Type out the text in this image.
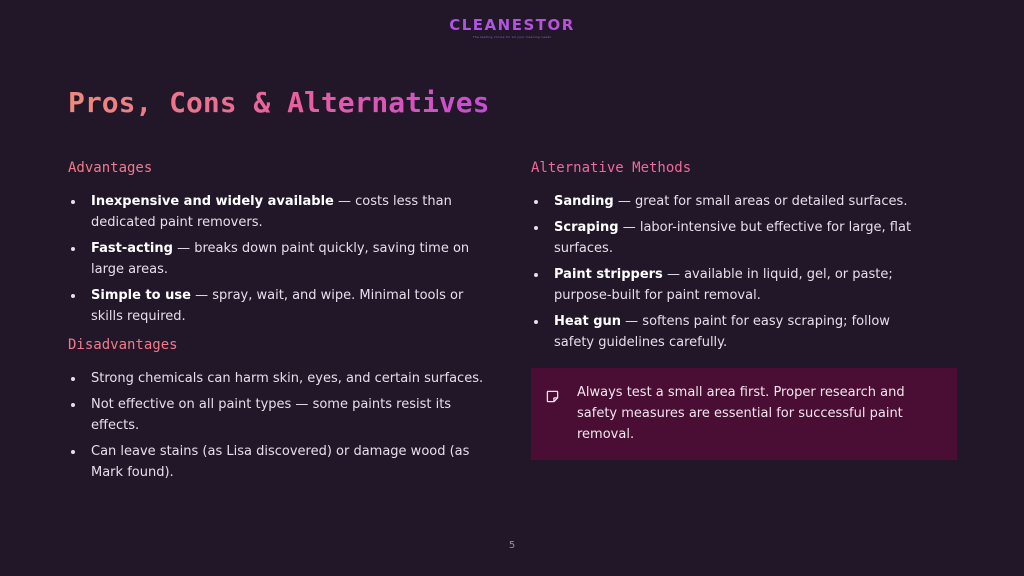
CLEANESTOR
The leading choice for all your cleaning needs
Pros, Cons & Alternatives
Advantages
Inexpensive and widely available — costs less than dedicated paint removers.
Fast-acting — breaks down paint quickly, saving time on large areas.
Simple to use — spray, wait, and wipe. Minimal tools or skills required.
Disadvantages
Strong chemicals can harm skin, eyes, and certain surfaces.
Not effective on all paint types — some paints resist its effects.
Can leave stains (as Lisa discovered) or damage wood (as Mark found).
Alternative Methods
Sanding — great for small areas or detailed surfaces.
Scraping — labor-intensive but effective for large, flat surfaces.
Paint strippers — available in liquid, gel, or paste; purpose-built for paint removal.
Heat gun — softens paint for easy scraping; follow safety guidelines carefully.
Always test a small area first. Proper research and safety measures are essential for successful paint removal.
5
